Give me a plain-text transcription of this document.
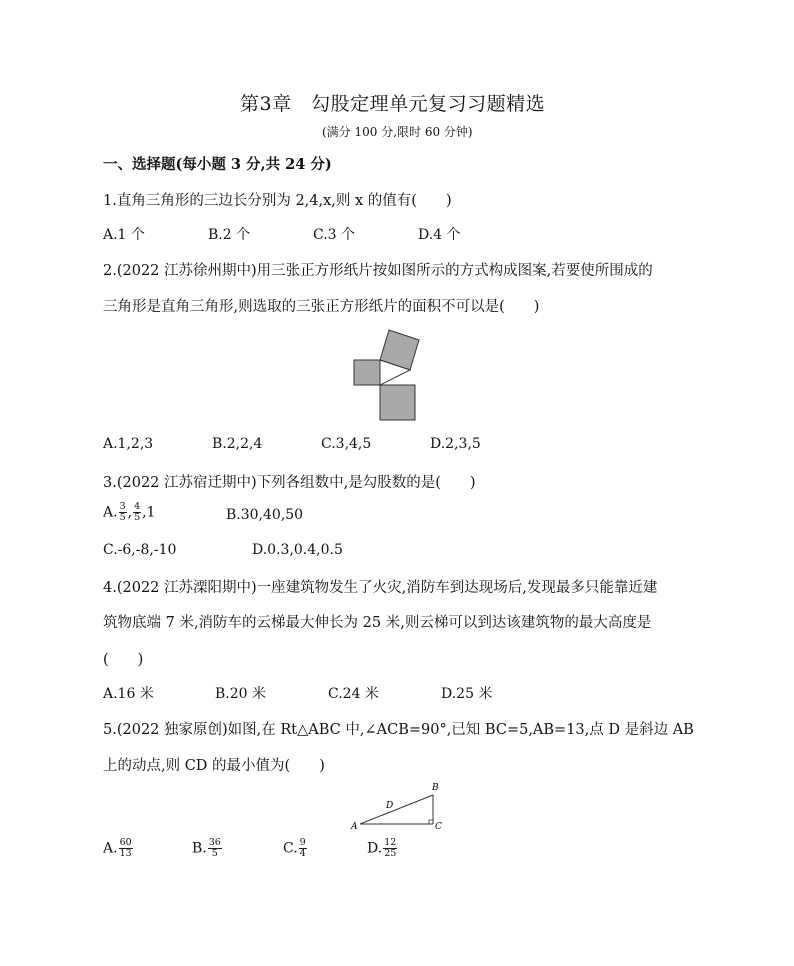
第3章　勾股定理单元复习习题精选
(满分 100 分,限时 60 分钟)
一、选择题(每小题 3 分,共 24 分)
1.直角三角形的三边长分别为 2,4,x,则 x 的值有(　　)
A.1 个	B.2 个	C.3 个	D.4 个
2.(2022 江苏徐州期中)用三张正方形纸片按如图所示的方式构成图案,若要使所围成的
三角形是直角三角形,则选取的三张正方形纸片的面积不可以是(　　)
A.1,2,3	B.2,2,4	C.3,4,5	D.2,3,5
3.(2022 江苏宿迁期中)下列各组数中,是勾股数的是(　　)
A. $\frac{3}{5}$ , $\frac{4}{5} ,1$	B.30,40,50
C.-6,-8,-10	D.0.3,0.4,0.5
4.(2022 江苏溧阳期中)一座建筑物发生了火灾,消防车到达现场后,发现最多只能靠近建
筑物底端 7 米,消防车的云梯最大伸长为 25 米,则云梯可以到达该建筑物的最大高度是
(　　)
A.16 米	B.20 米	C.24 米	D.25 米
5.(2022 独家原创)如图,在 Rt△ABC 中,∠ACB=90°,已知 BC=5,AB=13,点 D 是斜边 AB
上的动点,则 CD 的最小值为(　　)
A
B
C
D
A. $\frac{60}{13}$	B. $\frac{36}{5}$	C. $\frac{9}{4}$	D. $\frac{12}{25}$
